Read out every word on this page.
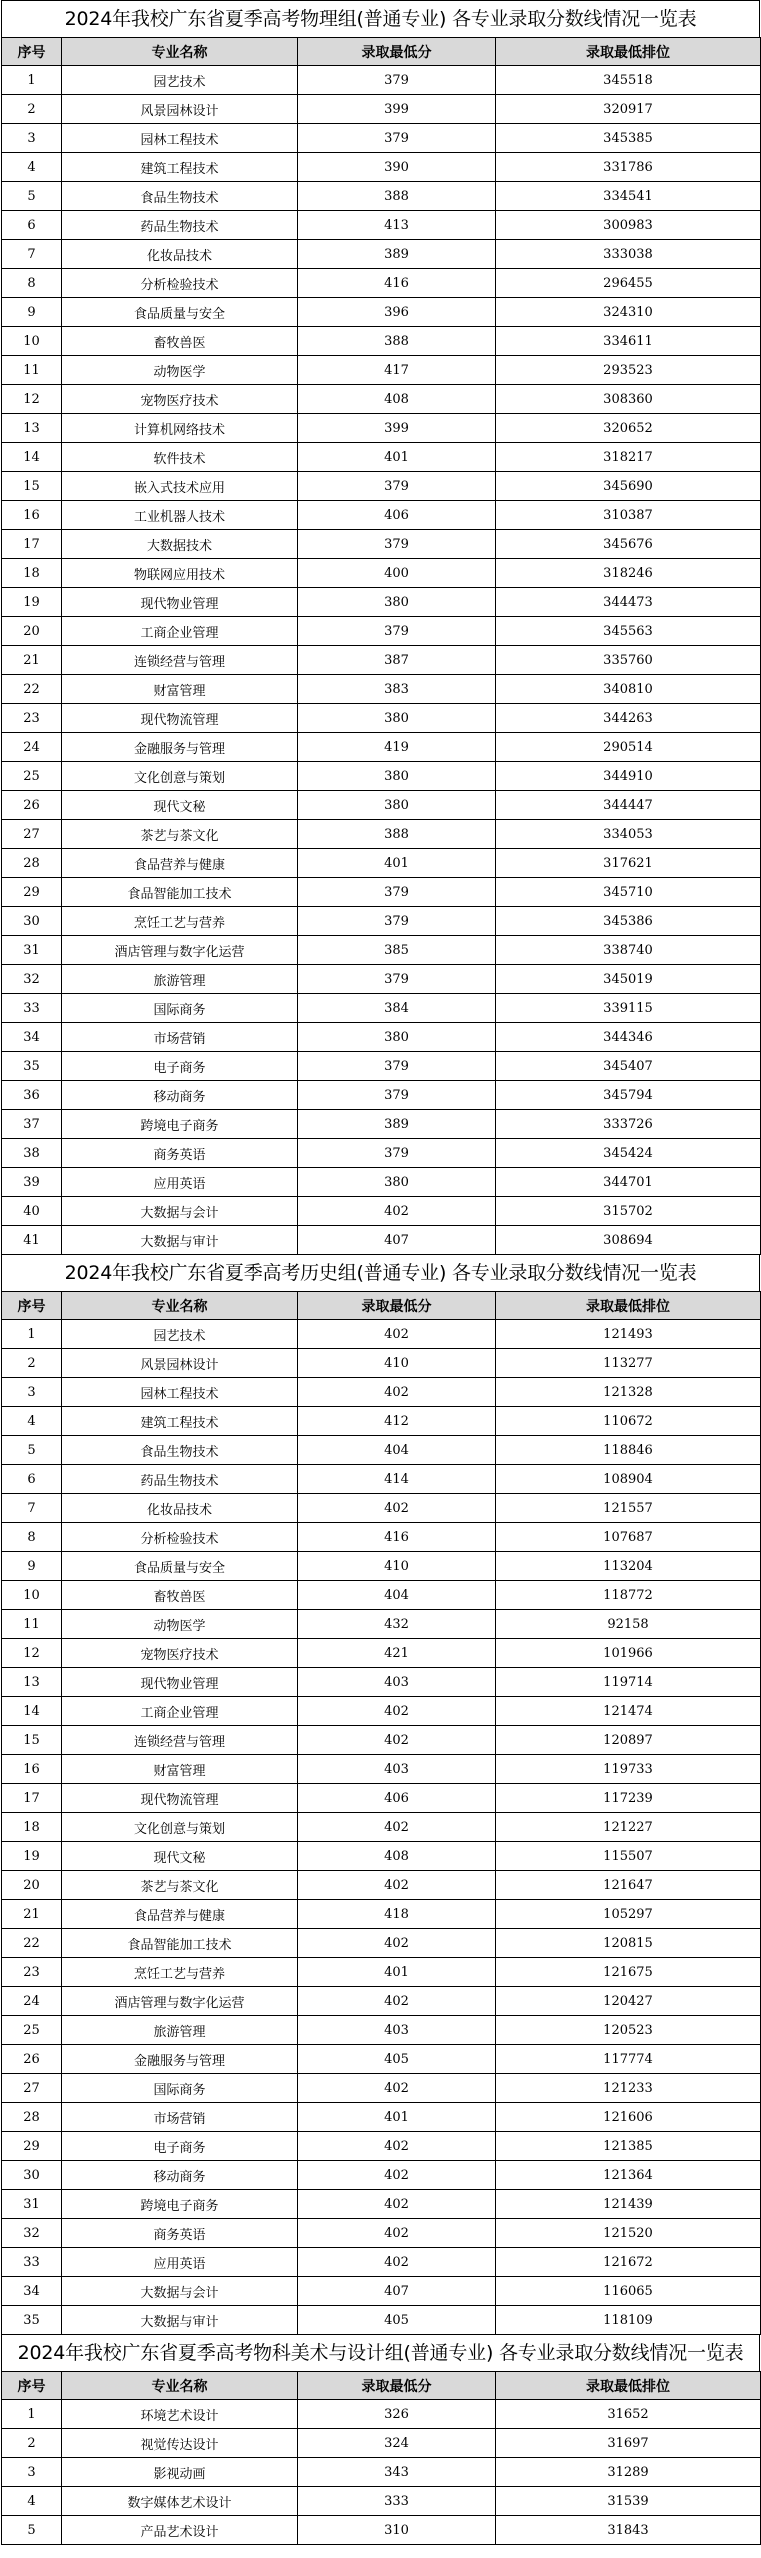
2024年我校广东省夏季高考物理组(普通专业) 各专业录取分数线情况一览表
序号	专业名称	录取最低分	录取最低排位
1	园艺技术	379	345518
2	风景园林设计	399	320917
3	园林工程技术	379	345385
4	建筑工程技术	390	331786
5	食品生物技术	388	334541
6	药品生物技术	413	300983
7	化妆品技术	389	333038
8	分析检验技术	416	296455
9	食品质量与安全	396	324310
10	畜牧兽医	388	334611
11	动物医学	417	293523
12	宠物医疗技术	408	308360
13	计算机网络技术	399	320652
14	软件技术	401	318217
15	嵌入式技术应用	379	345690
16	工业机器人技术	406	310387
17	大数据技术	379	345676
18	物联网应用技术	400	318246
19	现代物业管理	380	344473
20	工商企业管理	379	345563
21	连锁经营与管理	387	335760
22	财富管理	383	340810
23	现代物流管理	380	344263
24	金融服务与管理	419	290514
25	文化创意与策划	380	344910
26	现代文秘	380	344447
27	茶艺与茶文化	388	334053
28	食品营养与健康	401	317621
29	食品智能加工技术	379	345710
30	烹饪工艺与营养	379	345386
31	酒店管理与数字化运营	385	338740
32	旅游管理	379	345019
33	国际商务	384	339115
34	市场营销	380	344346
35	电子商务	379	345407
36	移动商务	379	345794
37	跨境电子商务	389	333726
38	商务英语	379	345424
39	应用英语	380	344701
40	大数据与会计	402	315702
41	大数据与审计	407	308694
2024年我校广东省夏季高考历史组(普通专业) 各专业录取分数线情况一览表
序号	专业名称	录取最低分	录取最低排位
1	园艺技术	402	121493
2	风景园林设计	410	113277
3	园林工程技术	402	121328
4	建筑工程技术	412	110672
5	食品生物技术	404	118846
6	药品生物技术	414	108904
7	化妆品技术	402	121557
8	分析检验技术	416	107687
9	食品质量与安全	410	113204
10	畜牧兽医	404	118772
11	动物医学	432	92158
12	宠物医疗技术	421	101966
13	现代物业管理	403	119714
14	工商企业管理	402	121474
15	连锁经营与管理	402	120897
16	财富管理	403	119733
17	现代物流管理	406	117239
18	文化创意与策划	402	121227
19	现代文秘	408	115507
20	茶艺与茶文化	402	121647
21	食品营养与健康	418	105297
22	食品智能加工技术	402	120815
23	烹饪工艺与营养	401	121675
24	酒店管理与数字化运营	402	120427
25	旅游管理	403	120523
26	金融服务与管理	405	117774
27	国际商务	402	121233
28	市场营销	401	121606
29	电子商务	402	121385
30	移动商务	402	121364
31	跨境电子商务	402	121439
32	商务英语	402	121520
33	应用英语	402	121672
34	大数据与会计	407	116065
35	大数据与审计	405	118109
2024年我校广东省夏季高考物科美术与设计组(普通专业) 各专业录取分数线情况一览表
序号	专业名称	录取最低分	录取最低排位
1	环境艺术设计	326	31652
2	视觉传达设计	324	31697
3	影视动画	343	31289
4	数字媒体艺术设计	333	31539
5	产品艺术设计	310	31843
